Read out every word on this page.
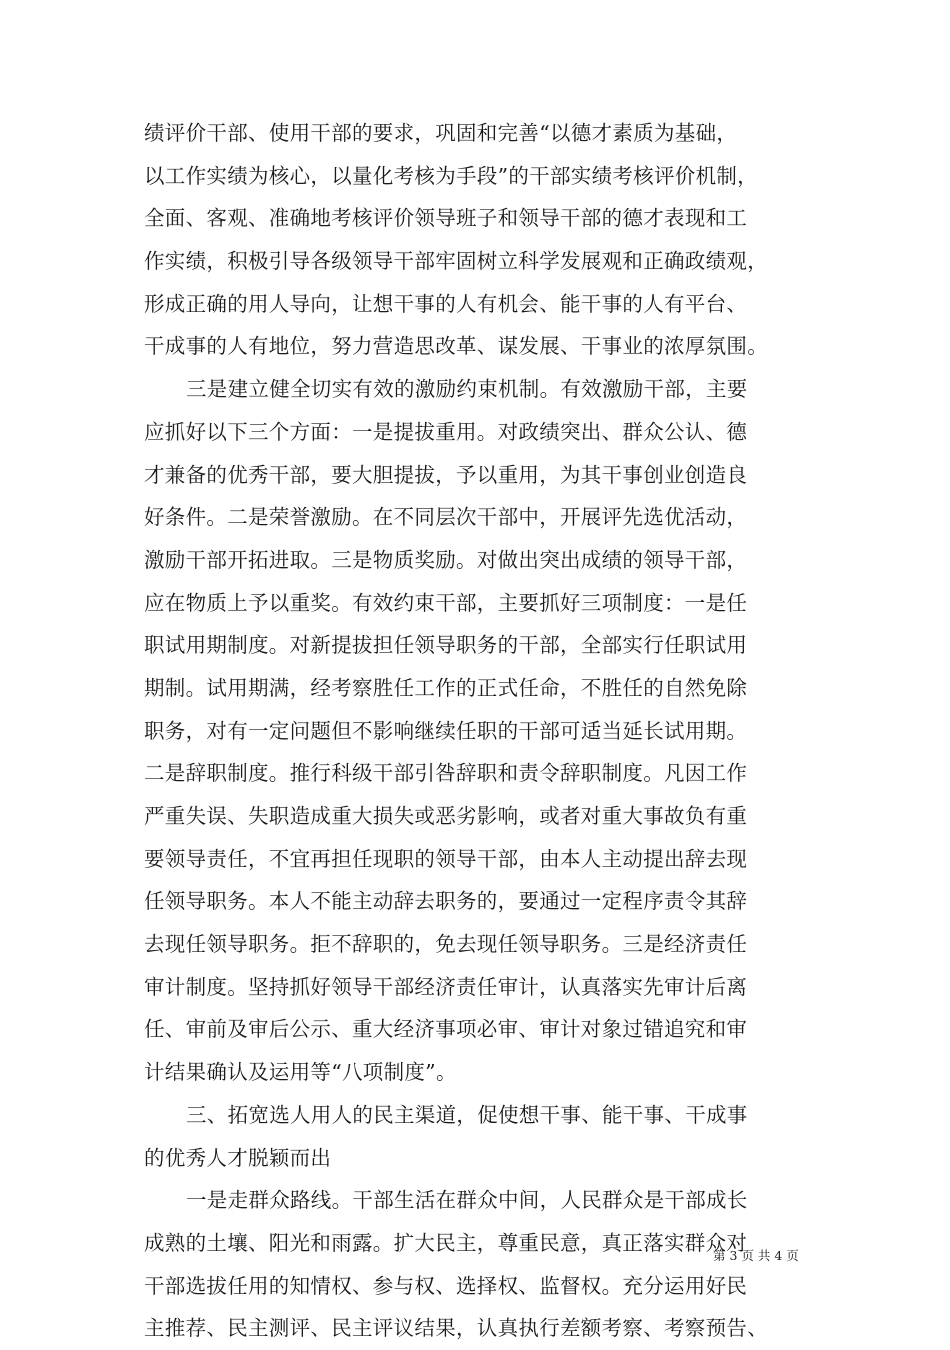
绩评价干部、使用干部的要求，巩固和完善“以德才素质为基础，
以工作实绩为核心，以量化考核为手段”的干部实绩考核评价机制，
全面、客观、准确地考核评价领导班子和领导干部的德才表现和工
作实绩，积极引导各级领导干部牢固树立科学发展观和正确政绩观，
形成正确的用人导向，让想干事的人有机会、能干事的人有平台、
干成事的人有地位，努力营造思改革、谋发展、干事业的浓厚氛围。
三是建立健全切实有效的激励约束机制。有效激励干部，主要
应抓好以下三个方面：一是提拔重用。对政绩突出、群众公认、德
才兼备的优秀干部，要大胆提拔，予以重用，为其干事创业创造良
好条件。二是荣誉激励。在不同层次干部中，开展评先选优活动，
激励干部开拓进取。三是物质奖励。对做出突出成绩的领导干部，
应在物质上予以重奖。有效约束干部，主要抓好三项制度：一是任
职试用期制度。对新提拔担任领导职务的干部，全部实行任职试用
期制。试用期满，经考察胜任工作的正式任命，不胜任的自然免除
职务，对有一定问题但不影响继续任职的干部可适当延长试用期。
二是辞职制度。推行科级干部引咎辞职和责令辞职制度。凡因工作
严重失误、失职造成重大损失或恶劣影响，或者对重大事故负有重
要领导责任，不宜再担任现职的领导干部，由本人主动提出辞去现
任领导职务。本人不能主动辞去职务的，要通过一定程序责令其辞
去现任领导职务。拒不辞职的，免去现任领导职务。三是经济责任
审计制度。坚持抓好领导干部经济责任审计，认真落实先审计后离
任、审前及审后公示、重大经济事项必审、审计对象过错追究和审
计结果确认及运用等“八项制度”。
三、拓宽选人用人的民主渠道，促使想干事、能干事、干成事
的优秀人才脱颖而出
一是走群众路线。干部生活在群众中间，人民群众是干部成长
成熟的土壤、阳光和雨露。扩大民主，尊重民意，真正落实群众对
干部选拔任用的知情权、参与权、选择权、监督权。充分运用好民
主推荐、民主测评、民主评议结果，认真执行差额考察、考察预告、
第 3 页 共 4 页
